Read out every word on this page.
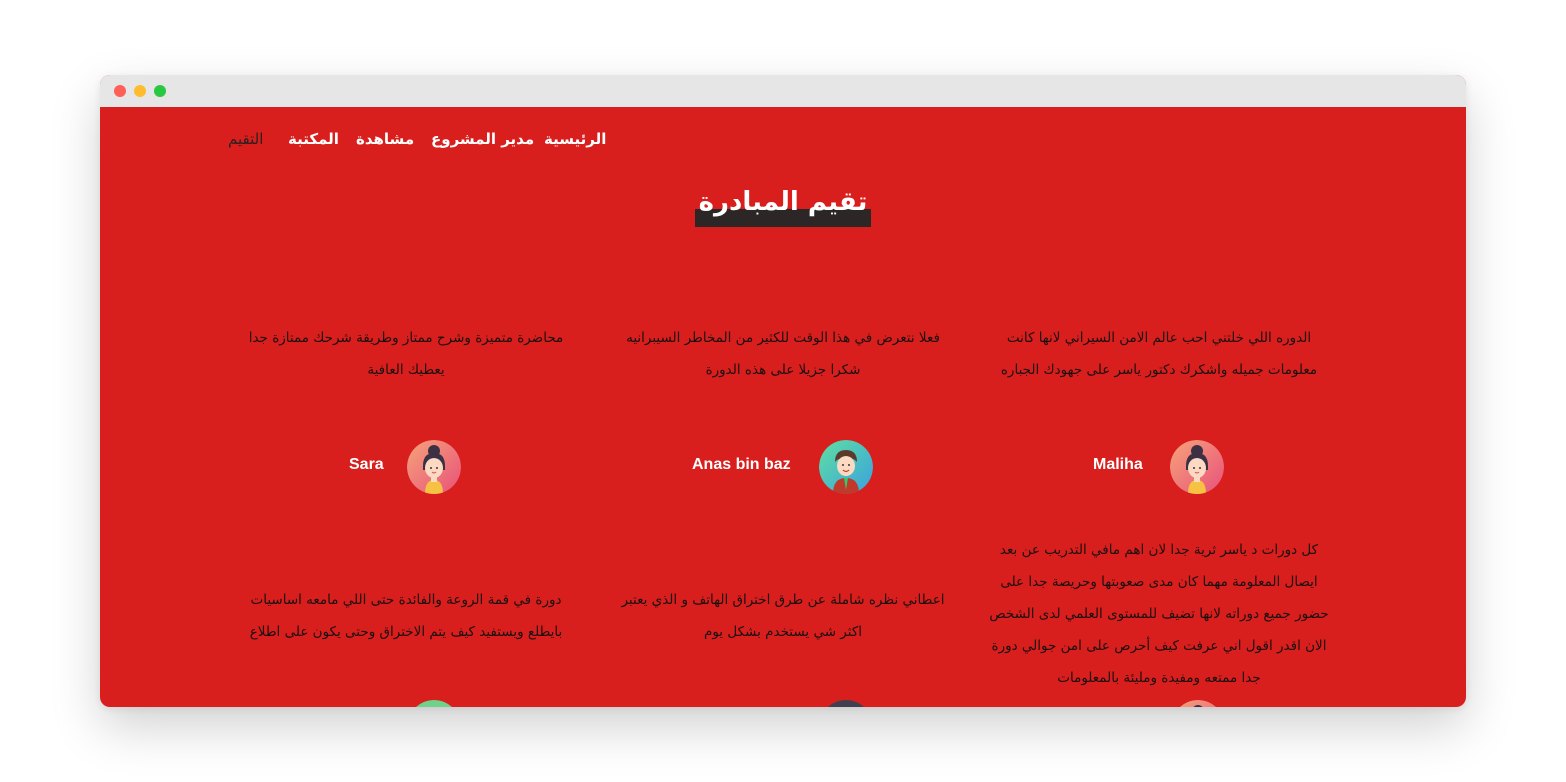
الرئيسية
مدير المشروع
مشاهدة
المكتبة
التقيم
تقيم المبادرة
الدوره اللي خلتني احب عالم الامن السيراني لانها كانت معلومات جميله واشكرك دكتور ياسر على جهودك الجباره
Maliha
فعلا نتعرض في هذا الوقت للكثير من المخاطر السيبرانيه شكرا جزيلا على هذه الدورة
Anas bin baz
محاضرة متميزة وشرح ممتاز وطريقة شرحك ممتازة جدا يعطيك العافية
Sara
كل دورات د ياسر ثرية جدا لان اهم مافي التدريب عن بعد ايصال المعلومة مهما كان مدى صعوبتها وحريصة جدا على حضور جميع دوراته لانها تضيف للمستوى العلمي لدى الشخص الان اقدر اقول اني عرفت كيف أحرص على امن جوالي دورة جدا ممتعه ومفيدة ومليئة بالمعلومات
اعطاني نظره شاملة عن طرق اختراق الهاتف و الذي يعتبر اكثر شي يستخدم بشكل يوم
دورة في قمة الروعة والفائدة حتى اللي مامعه اساسيات بايطلع ويستفيد كيف يتم الاختراق وحتى يكون على اطلاع
